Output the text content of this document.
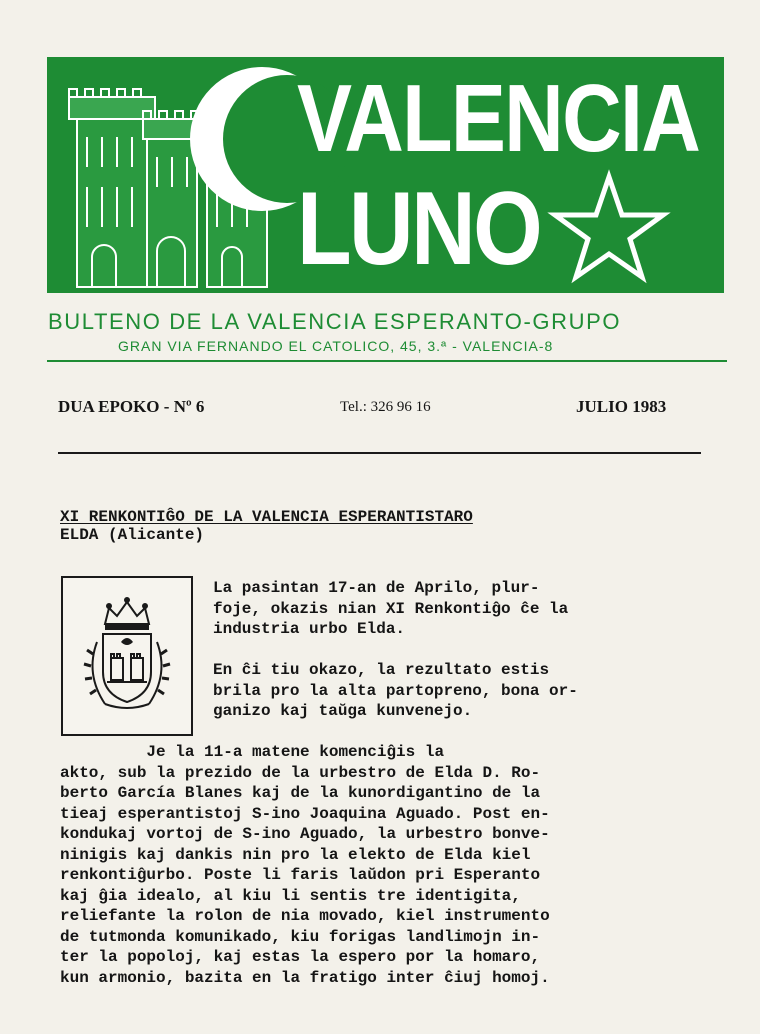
VALENCIA
LUNO
BULTENO DE LA VALENCIA ESPERANTO-GRUPO
GRAN VIA FERNANDO EL CATOLICO, 45, 3.ª - VALENCIA-8
DUA EPOKO - Nº 6	Tel.: 326 96 16	JULIO 1983
XI RENKONTIĜO DE LA VALENCIA ESPERANTISTARO
ELDA (Alicante)
La pasintan 17-an de Aprilo, plur-
foje, okazis nian XI Renkontiĝo ĉe la
industria urbo Elda.
En ĉi tiu okazo, la rezultato estis
brila pro la alta partopreno, bona or-
ganizo kaj taŭga kunvenejo.
Je la 11-a matene komenciĝis la
akto, sub la prezido de la urbestro de Elda D. Ro-
berto García Blanes kaj de la kunordigantino de la
tieaj esperantistoj S-ino Joaquina Aguado. Post en-
kondukaj vortoj de S-ino Aguado, la urbestro bonve-
ninigis kaj dankis nin pro la elekto de Elda kiel
renkontiĝurbo. Poste li faris laŭdon pri Esperanto
kaj ĝia idealo, al kiu li sentis tre identigita,
reliefante la rolon de nia movado, kiel instrumento
de tutmonda komunikado, kiu forigas landlimojn in-
ter la popoloj, kaj estas la espero por la homaro,
kun armonio, bazita en la fratigo inter ĉiuj homoj.
